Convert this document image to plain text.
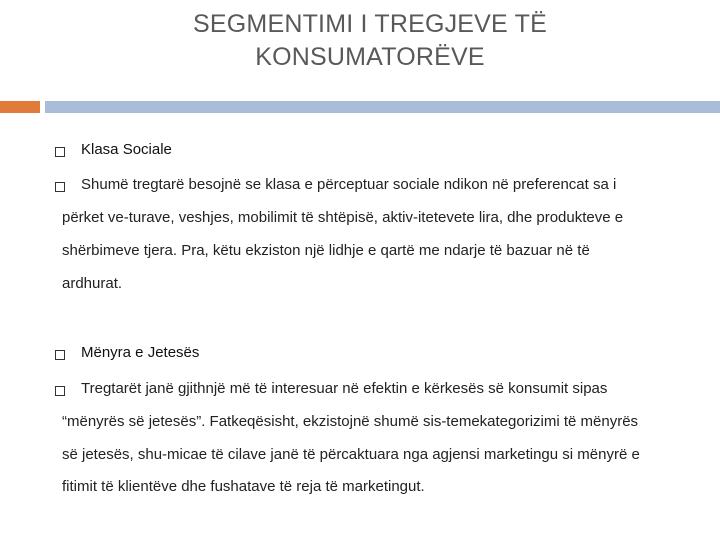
SEGMENTIMI I TREGJEVE TË
KONSUMATORËVE
Klasa Sociale
Shumë tregtarë besojnë se klasa e përceptuar sociale ndikon në preferencat sa i
përket ve-turave, veshjes, mobilimit të shtëpisë, aktiv-itetevete lira, dhe produkteve e
shërbimeve tjera. Pra, këtu ekziston një lidhje e qartë me ndarje të bazuar në të
ardhurat.
Mënyra e Jetesës
Tregtarët janë gjithnjë më të interesuar në efektin e kërkesës së konsumit sipas
“mënyrës së jetesës”. Fatkeqësisht, ekzistojnë shumë sis-temekategorizimi të mënyrës
së jetesës, shu-micae të cilave janë të përcaktuara nga agjensi marketingu si mënyrë e
fitimit të klientëve dhe fushatave të reja të marketingut.
